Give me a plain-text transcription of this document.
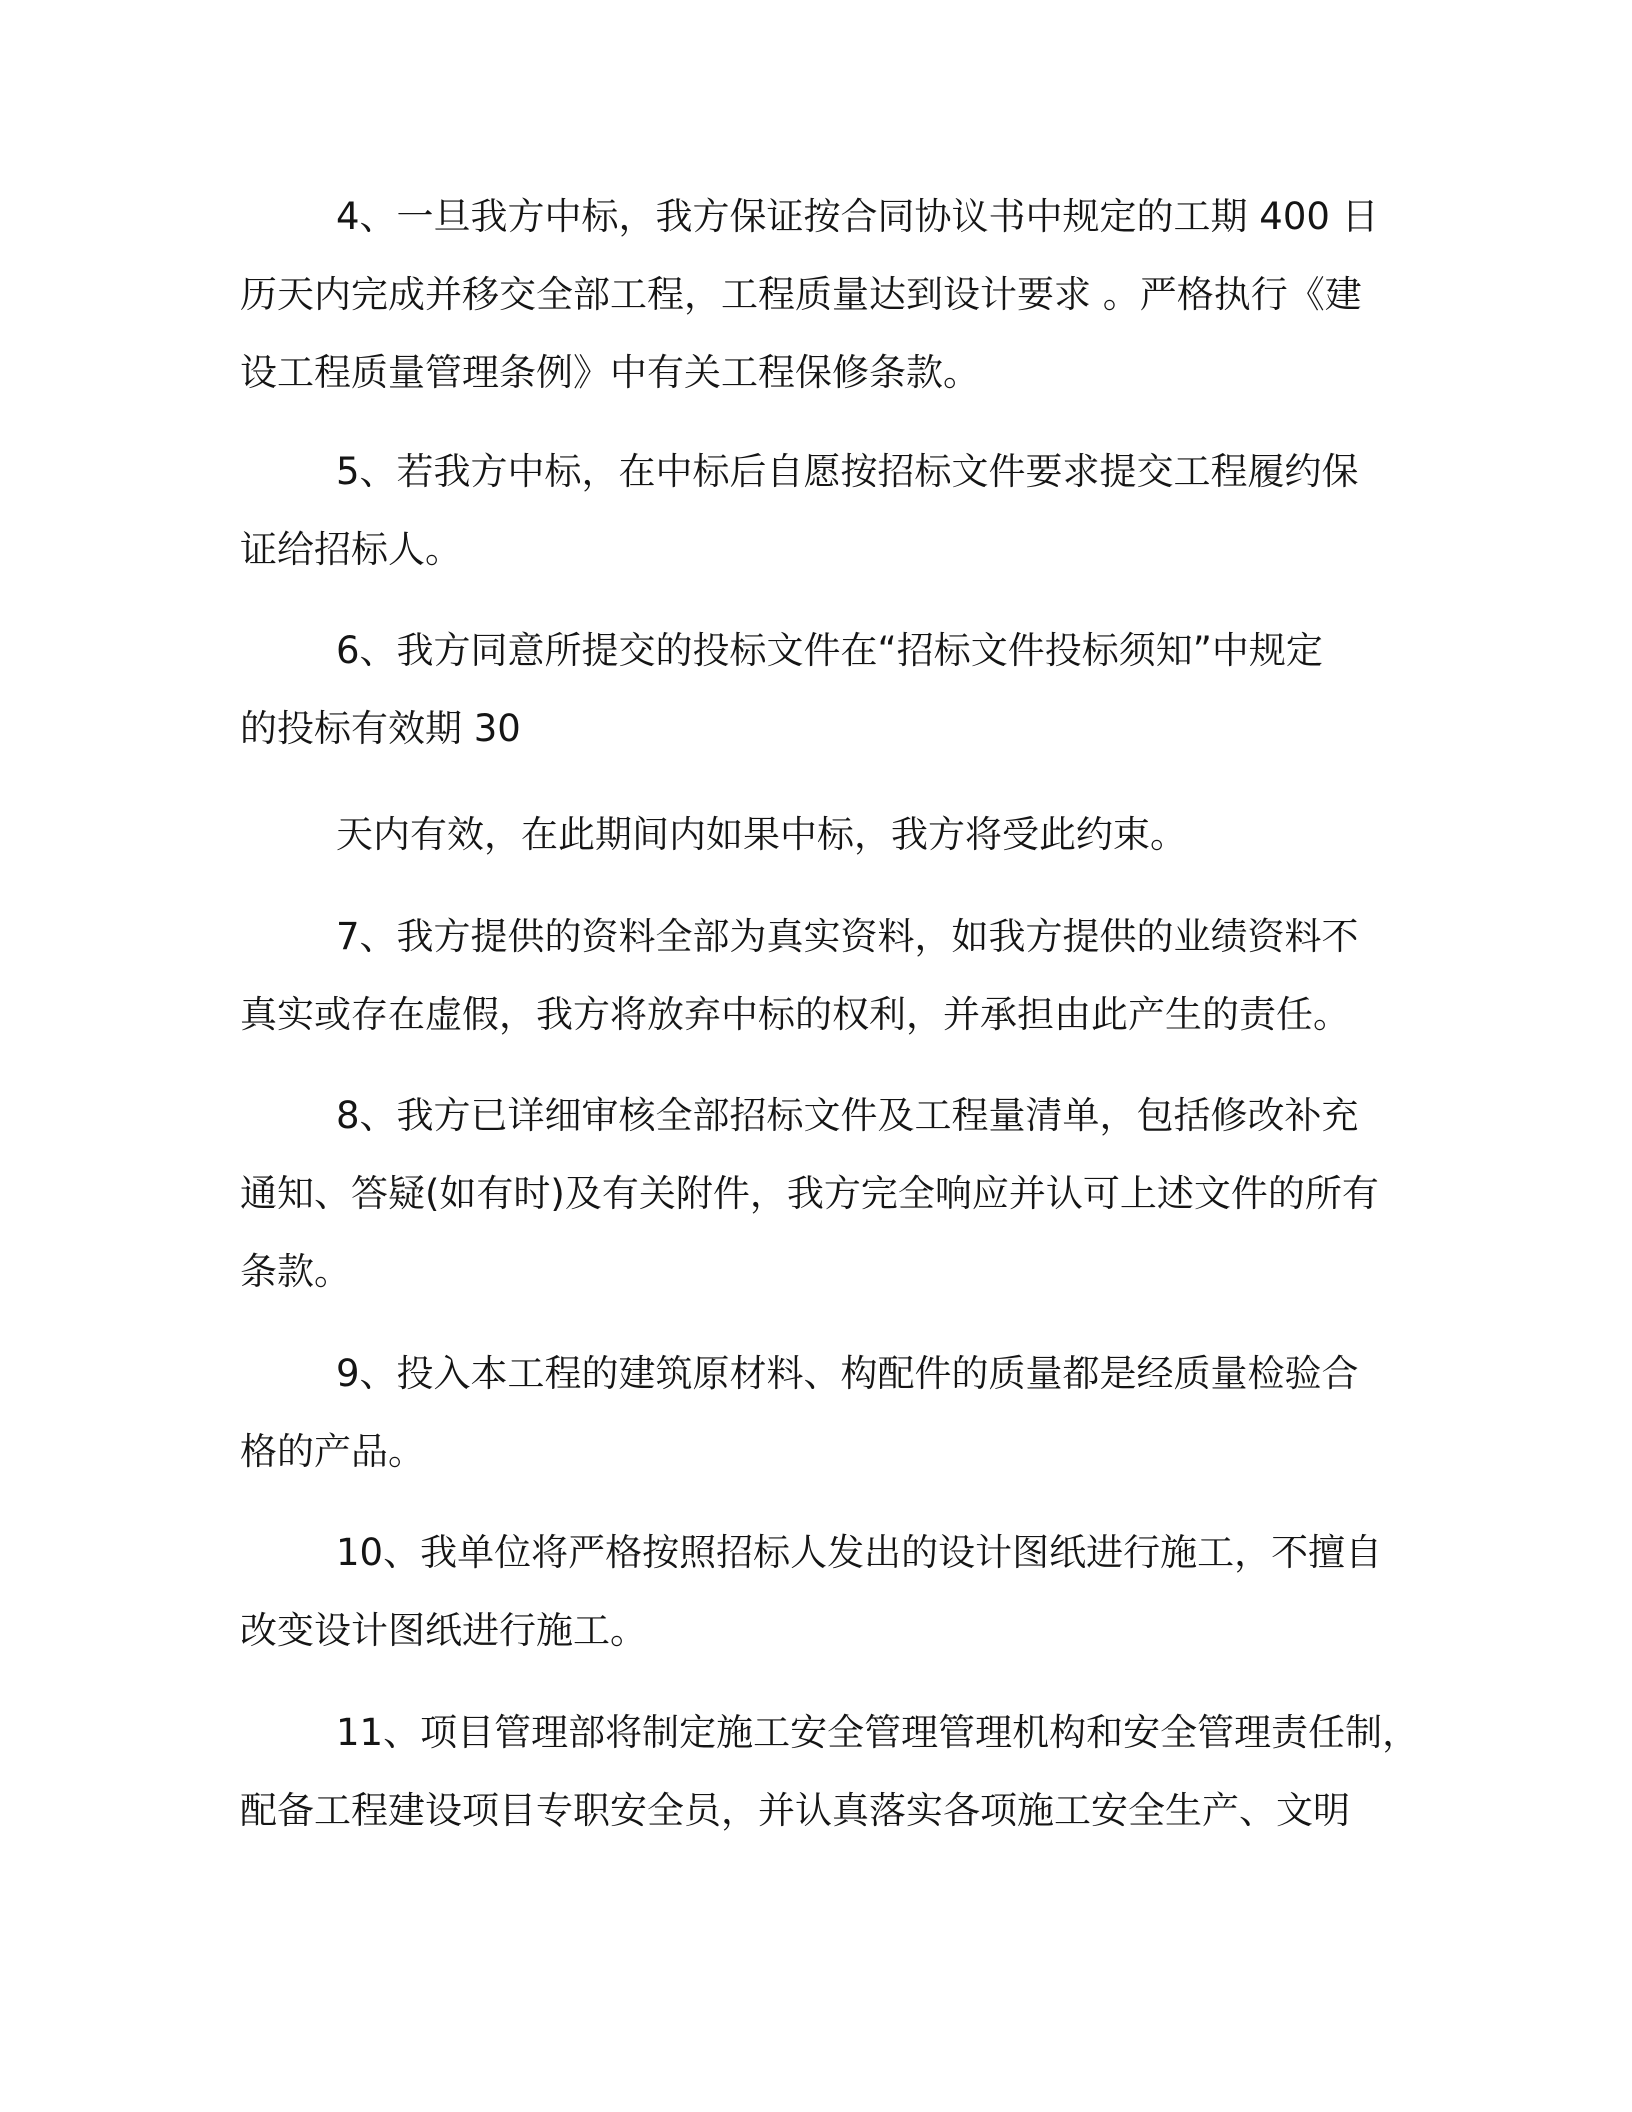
4、一旦我方中标，我方保证按合同协议书中规定的工期 400 日

历天内完成并移交全部工程，工程质量达到设计要求 。严格执行《建

设工程质量管理条例》中有关工程保修条款。

5、若我方中标，在中标后自愿按招标文件要求提交工程履约保

证给招标人。

6、我方同意所提交的投标文件在“招标文件投标须知”中规定

的投标有效期 30

天内有效，在此期间内如果中标，我方将受此约束。

7、我方提供的资料全部为真实资料，如我方提供的业绩资料不

真实或存在虚假，我方将放弃中标的权利，并承担由此产生的责任。

8、我方已详细审核全部招标文件及工程量清单，包括修改补充

通知、答疑(如有时)及有关附件，我方完全响应并认可上述文件的所有

条款。

9、投入本工程的建筑原材料、构配件的质量都是经质量检验合

格的产品。

10、我单位将严格按照招标人发出的设计图纸进行施工，不擅自

改变设计图纸进行施工。

11、项目管理部将制定施工安全管理管理机构和安全管理责任制，

配备工程建设项目专职安全员，并认真落实各项施工安全生产、文明
